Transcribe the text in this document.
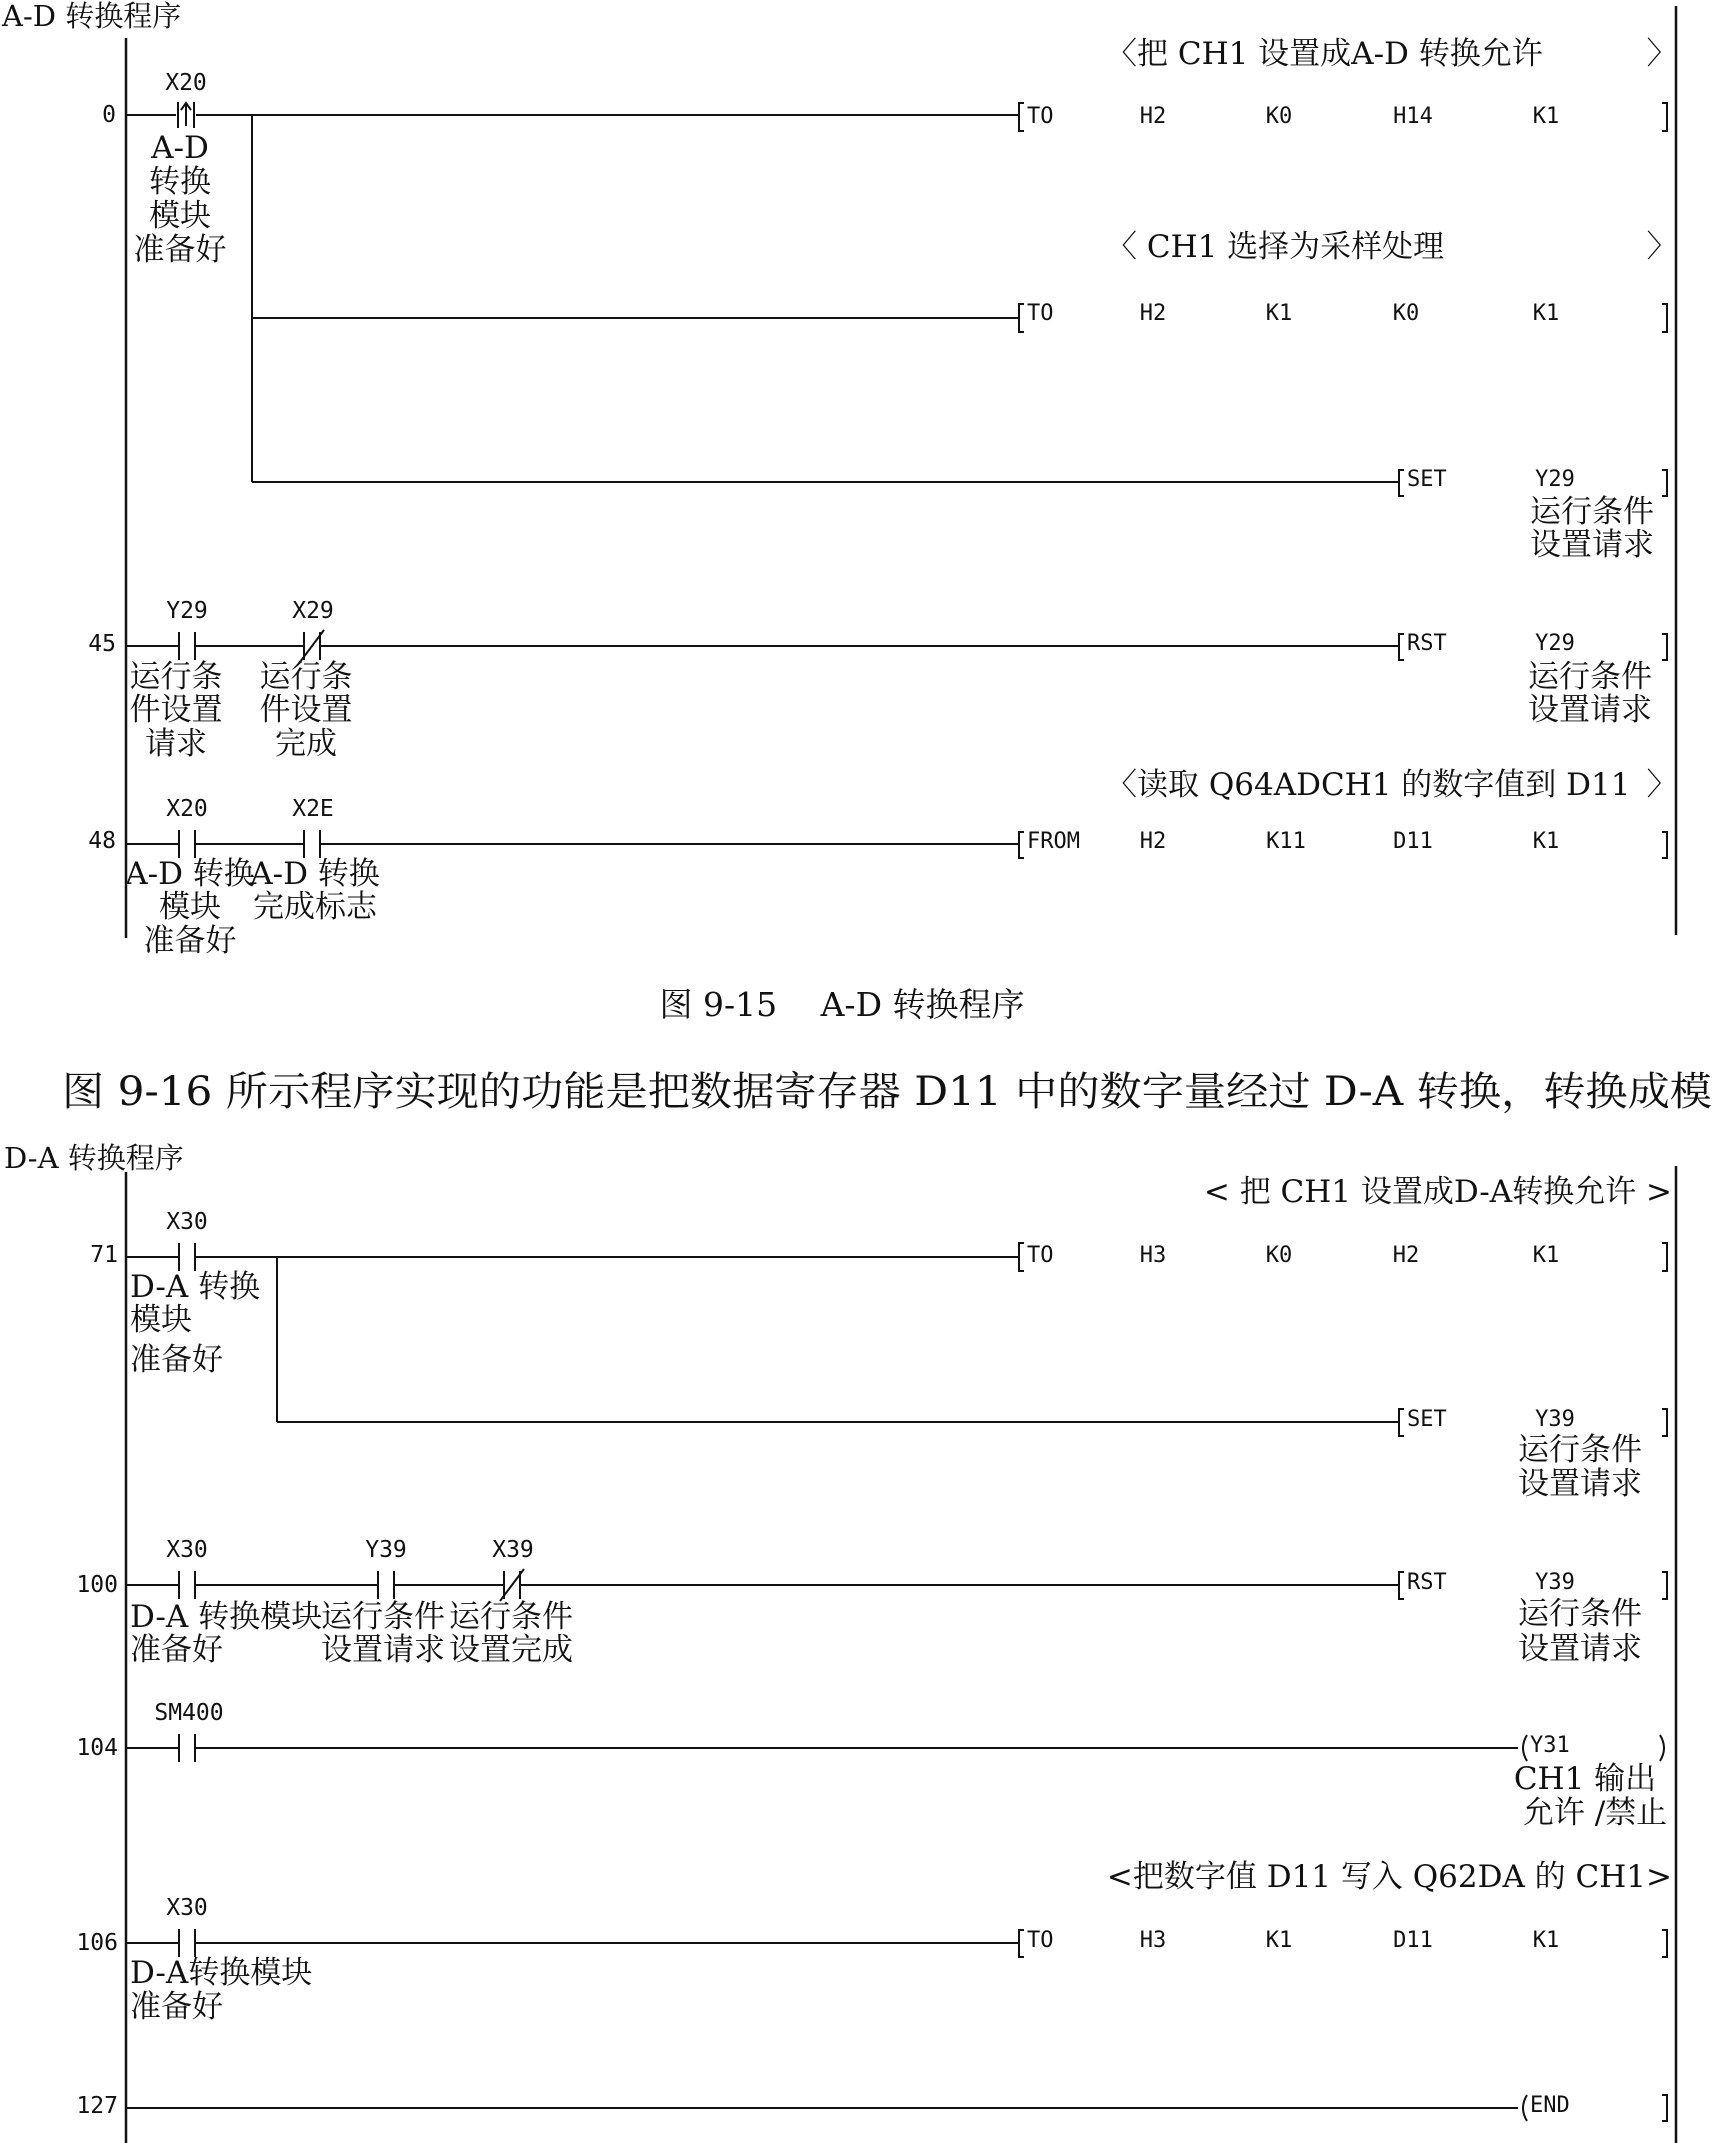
A-D 转换程序
0
45
48
〈把 CH1 设置成A-D 转换允许	〉
〈 CH1 选择为采样处理	〉
〈读取 Q64ADCH1 的数字值到 D11 〉
X20
A-D
转换
模块
准备好
TO	H2	K0	H14	K1
TO	H2	K1	K0	K1
SET	Y29
运行条件
设置请求
Y29	X29
运行条
件设置
请求
运行条
件设置
完成
RST	Y29
运行条件
设置请求
X20	X2E
A-D 转换
模块
准备好
A-D 转换
完成标志
FROM	H2	K11	D11	K1
图 9-15　 A-D 转换程序
图 9-16 所示程序实现的功能是把数据寄存器 D11 中的数字量经过 D-A 转换，转换成模
D-A 转换程序
71
100
104
106
127
< 把 CH1 设置成D-A转换允许 >
<把数字值 D11 写入 Q62DA 的 CH1>
X30
D-A 转换
模块
准备好
TO	H3	K0	H2	K1
SET	Y39
运行条件
设置请求
X30	Y39	X39
D-A 转换模块
准备好
运行条件
设置请求
运行条件
设置完成
RST	Y39
运行条件
设置请求
SM400
Y31
CH1 输出
允许 /禁止
X30
D-A转换模块
准备好
TO	H3	K1	D11	K1
END
